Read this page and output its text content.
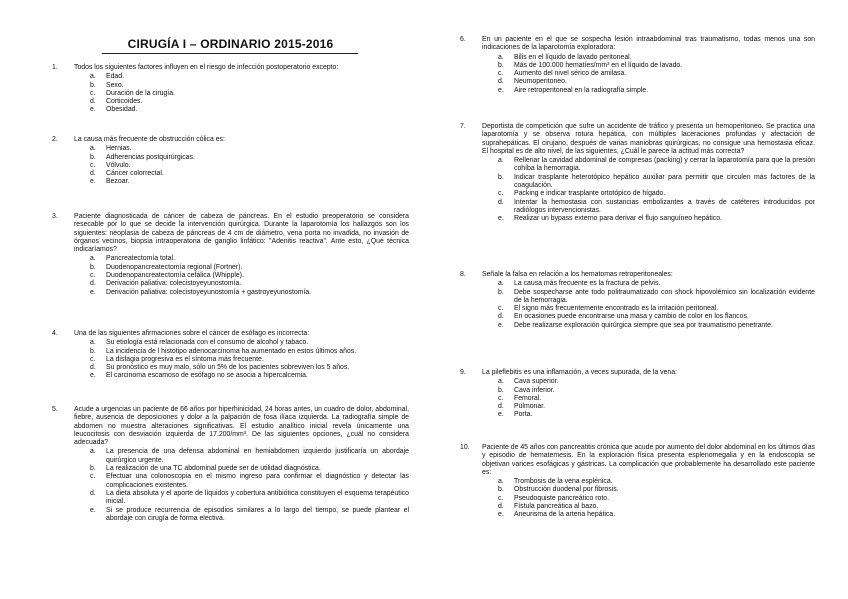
CIRUGÍA I – ORDINARIO 2015-2016
1.	Todos los siguientes factores influyen en el riesgo de infección postoperatorio excepto:
a.	Edad.
b.	Sexo.
c.	Duración de la cirugía.
d.	Corticoides.
e.	Obesidad.
2.	La causa más frecuente de obstrucción cólica es:
a.	Hernias.
b.	Adherencias postquirúrgicas.
c.	Vólvulo.
d.	Cáncer colorrectal.
e.	Bezoar.
3.	Paciente diagnosticada de cáncer de cabeza de páncreas. En el estudio preoperatorio se considera resecable por lo que se decide la intervención quirúrgica. Durante la laparotomía los hallazgos son los siguientes: neoplasia de cabeza de páncreas de 4 cm de diámetro, vena porta no invadida, no invasión de órganos vecinos, biopsia intraoperatoria de ganglio linfático: "Adenitis reactiva". Ante esto, ¿Qué técnica indicaríamos?
a.	Pancreatectomía total.
b.	Duodenopancreatectomía regional (Fortner).
c.	Duodenopancreatectomía cefálica (Whipple).
d.	Derivación paliativa: colecistoyeyunostomía.
e.	Derivación paliativa: colecistoyeyunostomía + gastroyeyunostomía.
4.	Una de las siguientes afirmaciones sobre el cáncer de esófago es incorrecta:
a.	Su etiología está relacionada con el consumo de alcohol y tabaco.
b.	La incidencia de l histotipo adenocarcinoma ha aumentado en estos últimos años.
c.	La disfagia progresiva es el síntoma más frecuente.
d.	Su pronóstico es muy malo, sólo un 5% de los pacientes sobreviven los 5 años.
e.	El carcinoma escamoso de esófago no se asocia a hipercalcemia.
5.	Acude a urgencias un paciente de 66 años por hiperhinicidad, 24 horas antes, un cuadro de dolor, abdominal, fiebre, ausencia de deposiciones y dolor a la palpación de fosa ilíaca izquierda. La radiografía simple de abdomen no muestra alteraciones significativas. El estudio analítico inicial revela únicamente una leucocitosis con desviación izquierda de 17.200/mm³. De las siguientes opciones, ¿cuál no considera adecuada?
a.	La presencia de una defensa abdominal en hemiabdomen izquierdo justificaría un abordaje quirúrgico urgente.
b.	La realización de una TC abdominal puede ser de utilidad diagnóstica.
c.	Efectuar una colonoscopia en el mismo ingreso para confirmar el diagnóstico y detectar las complicaciones existentes.
d.	La dieta absoluta y el aporte de líquidos y cobertura antibiótica constituyen el esquema terapéutico inicial.
e.	Si se produce recurrencia de episodios similares a lo largo del tiempo, se puede plantear el abordaje con cirugía de forma electiva.
6.	En un paciente en el que se sospecha lesión intraabdominal tras traumatismo, todas menos una son indicaciones de la laparotomía exploradora:
a.	Bilis en el líquido de lavado peritoneal.
b.	Más de 100.000 hematíes/mm³ en el líquido de lavado.
c.	Aumento del nivel sérico de amilasa.
d.	Neumoperitoneo.
e.	Aire retroperitoneal en la radiografía simple.
7.	Deportista de competición que sufre un accidente de tráfico y presenta un hemoperitoneo. Se practica una laparotomía y se observa rotura hepática, con múltiples laceraciones profundas y afectación de suprahepáticas. El cirujano, después de varias maniobras quirúrgicas, no consigue una hemostasia eficaz. El hospital es de alto nivel, de las siguientes, ¿Cuál le parece la actitud más correcta?
a.	Rellenar la cavidad abdominal de compresas (packing) y cerrar la laparotomía para que la presión cohíba la hemorragia.
b.	Indicar trasplante heterotópico hepático auxiliar para permitir que circulen más factores de la coagulación.
c.	Packing e indicar trasplante ortotópico de hígado.
d.	Intentar la hemostasia con sustancias embolizantes a través de catéteres introducidos por radiólogos intervencionistas.
e.	Realizar un bypass externo para derivar el flujo sanguíneo hepático.
8.	Señale la falsa en relación a los hematomas retroperitoneales:
a.	La causa más frecuente es la fractura de pelvis.
b.	Debe sospecharse ante todo politraumatizado con shock hipovolémico sin localización evidente de la hemorragia.
c.	El signo más frecuentemente encontrado es la irritación peritoneal.
d.	En ocasiones puede encontrarse una masa y cambio de color en los flancos.
e.	Debe realizarse exploración quirúrgica siempre que sea por traumatismo penetrante.
9.	La pileflebitis es una inflamación, a veces supurada, de la vena:
a.	Cava superior.
b.	Cava inferior.
c.	Femoral.
d.	Pulmonar.
e.	Porta.
10.	Paciente de 45 años con pancreatitis crónica que acude por aumento del dolor abdominal en los últimos días y episodio de hematemesis. En la exploración física presenta esplenomegalia y en la endoscopia se objetivan varices esofágicas y gástricas. La complicación que probablemente ha desarrollado este paciente es:
a.	Trombosis de la vena esplénica.
b.	Obstrucción duodenal por fibrosis.
c.	Pseudoquiste pancreático roto.
d.	Fístula pancreática al bazo.
e.	Aneurisma de la arteria hepática.
